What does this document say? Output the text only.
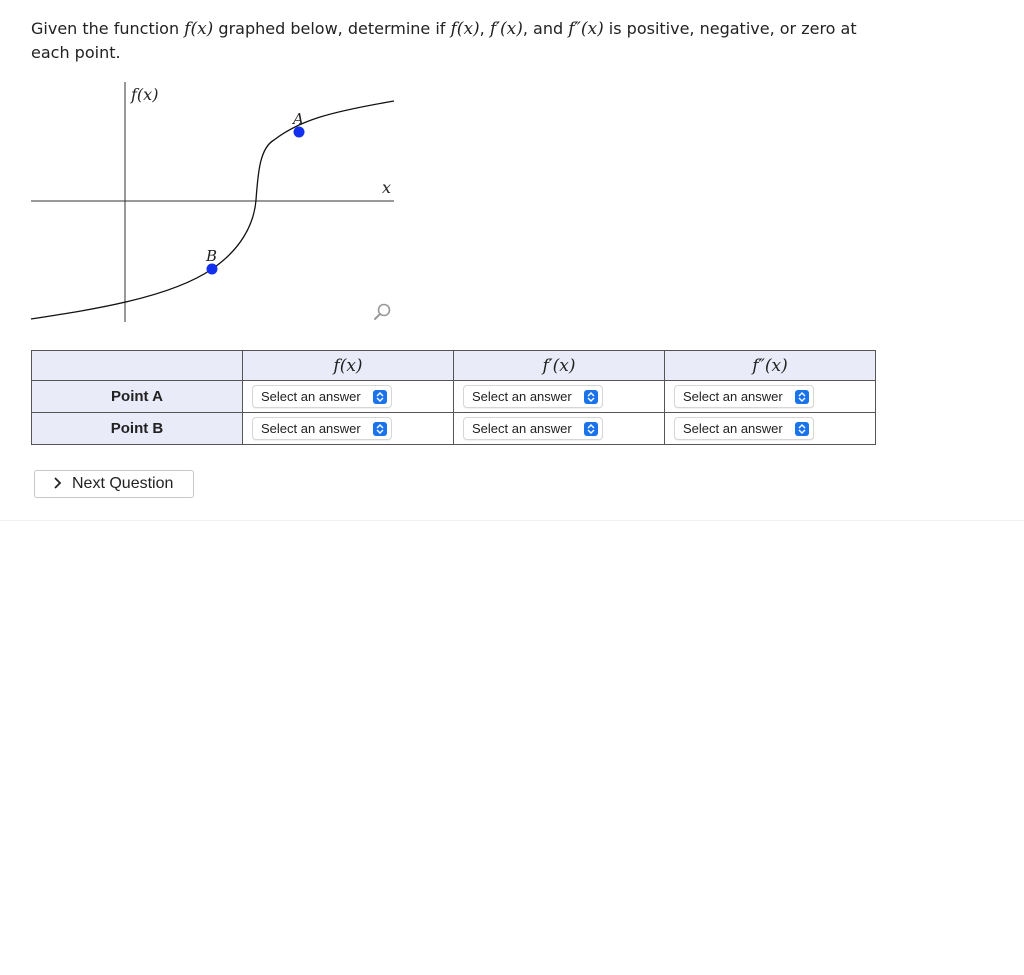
Given the function f(x) graphed below, determine if f(x), f′(x), and f″(x) is positive, negative, or zero at each point.
f(x)
x
A
B
	f(x)	f′(x)	f″(x)
Point A	Select an answer	Select an answer	Select an answer

Point B	Select an answer	Select an answer	Select an answer
Next Question
